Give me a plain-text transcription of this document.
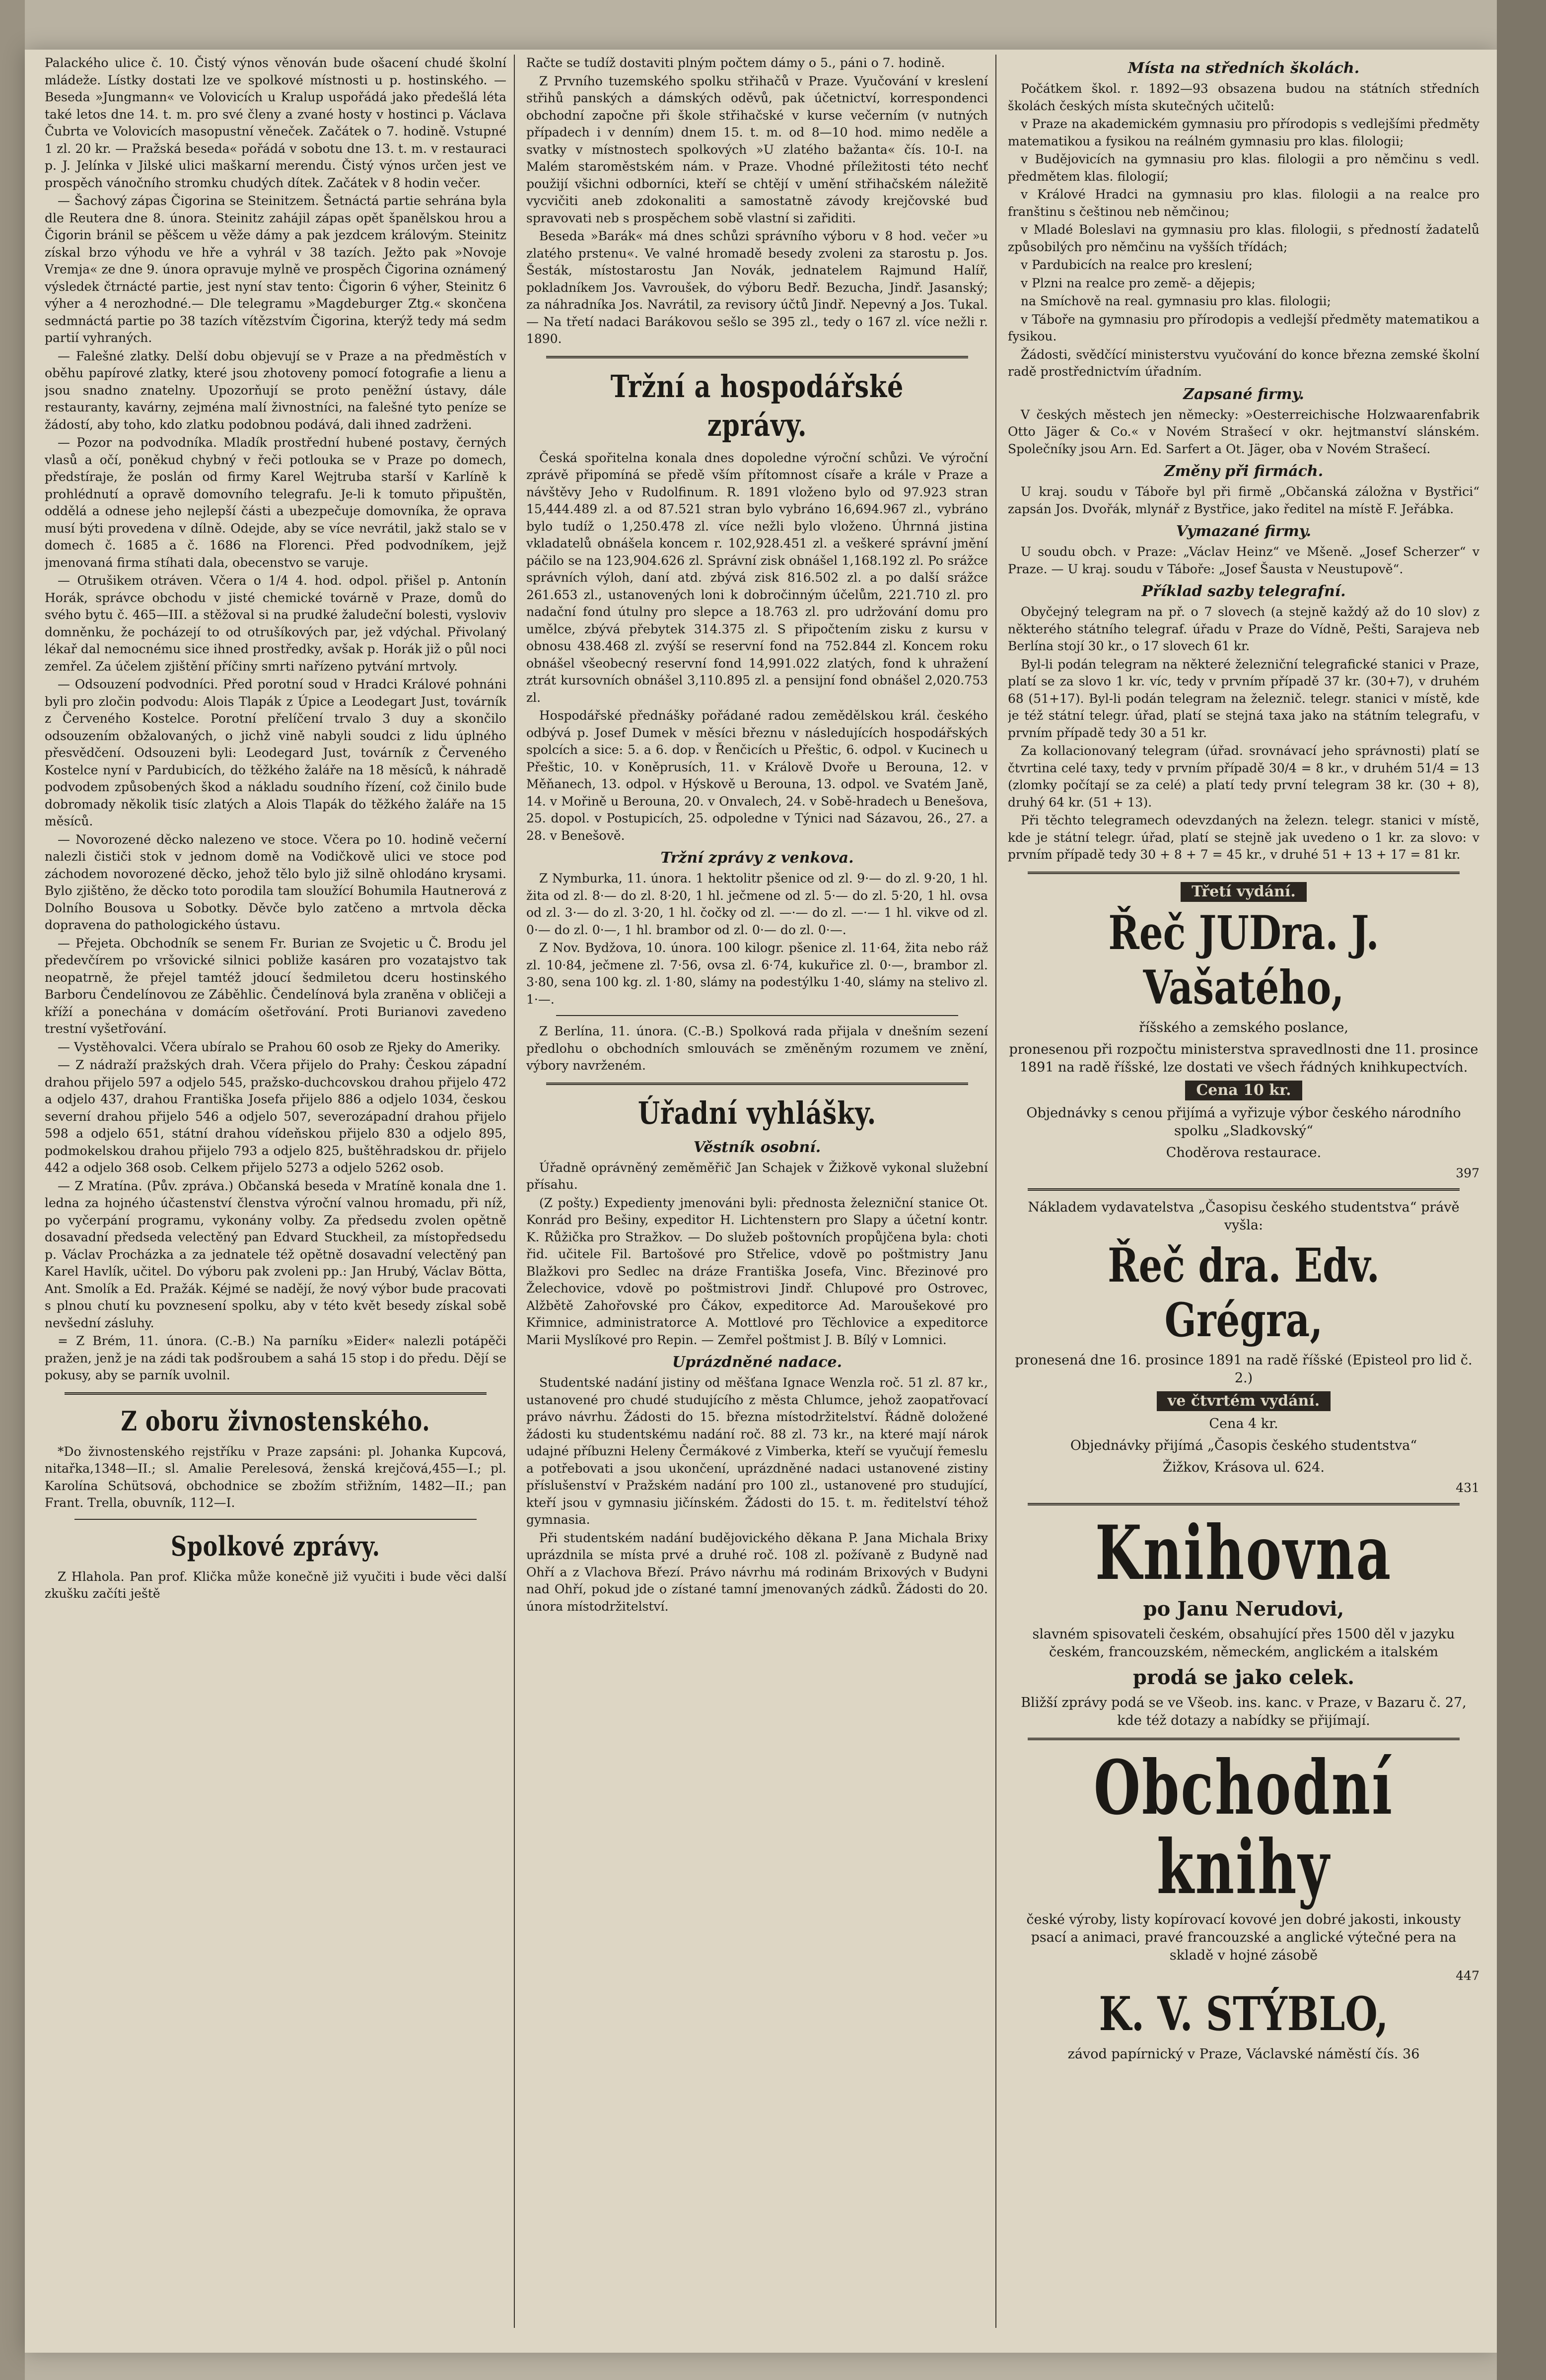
Palackého ulice č. 10. Čistý výnos věnován bude ošacení chudé školní mládeže. Lístky dostati lze ve spolkové místnosti u p. hostinského. — Beseda »Jungmann« ve Volovicích u Kralup uspořádá jako předešlá léta také letos dne 14. t. m. pro své členy a zvané hosty v hostinci p. Václava Čubrta ve Volovicích masopustní věneček. Začátek o 7. hodině. Vstupné 1 zl. 20 kr. — Pražská beseda« pořádá v sobotu dne 13. t. m. v restauraci p. J. Jelínka v Jilské ulici maškarní merendu. Čistý výnos určen jest ve prospěch vánočního stromku chudých dítek. Začátek v 8 hodin večer.

— Šachový zápas Čigorina se Steinitzem. Šetnáctá partie sehrána byla dle Reutera dne 8. února. Steinitz zahájil zápas opět španělskou hrou a Čigorin bránil se pěšcem u věže dámy a pak jezdcem královým. Steinitz získal brzo výhodu ve hře a vyhrál v 38 tazích. Ježto pak »Novoje Vremja« ze dne 9. února opravuje mylně ve prospěch Čigorina oznámený výsledek čtrnácté partie, jest nyní stav tento: Čigorin 6 výher, Steinitz 6 výher a 4 nerozhodné.— Dle telegramu »Magdeburger Ztg.« skončena sedmnáctá partie po 38 tazích vítězstvím Čigorina, kterýž tedy má sedm partií vyhraných.

— Falešné zlatky. Delší dobu objevují se v Praze a na předměstích v oběhu papírové zlatky, které jsou zhotoveny pomocí fotografie a lienu a jsou snadno znatelny. Upozorňují se proto peněžní ústavy, dále restauranty, kavárny, zejména malí živnostníci, na falešné tyto peníze se žádostí, aby toho, kdo zlatku podobnou podává, dali ihned zadrženi.

— Pozor na podvodníka. Mladík prostřední hubené postavy, černých vlasů a očí, poněkud chybný v řeči potloukа se v Praze po domech, předstíraje, že poslán od firmy Karel Wejtruba starší v Karlíně k prohlédnutí a opravě domovního telegrafu. Je-li k tomuto připuštěn, oddělá a odnese jeho nejlepší části a ubezpečuje domovníka, že oprava musí býti provedena v dílně. Odejde, aby se více nevrátil, jakž stalo se v domech č. 1685 a č. 1686 na Florenci. Před podvodníkem, jejž jmenovaná firma stíhati dala, obecenstvo se varuje.

— Otrušikem otráven. Včera o 1/4 4. hod. odpol. přišel p. Antonín Horák, správce obchodu v jisté chemické továrně v Praze, domů do svého bytu č. 465—III. a stěžoval si na prudké žaludeční bolesti, vysloviv domněnku, že pocházejí to od otrušíkových par, jež vdýchal. Přivolaný lékař dal nemocnému sice ihned prostředky, avšak p. Horák již o půl noci zemřel. Za účelem zjištění příčiny smrti nařízeno pytvání mrtvoly.

— Odsouzení podvodníci. Před porotní soud v Hradci Králové pohnáni byli pro zločin podvodu: Alois Tlapák z Úpice a Leodegart Just, továrník z Červeného Kostelce. Porotní přelíčení trvalo 3 duy a skončilo odsouzením obžalovaných, o jichž vině nabyli soudci z lidu úplného přesvědčení. Odsouzeni byli: Leodegard Just, továrník z Červeného Kostelce nyní v Pardubicích, do těžkého žaláře na 18 měsíců, k náhradě podvodem způsobených škod a nákladu soudního řízení, což činilo bude dobromady několik tisíc zlatých a Alois Tlapák do těžkého žaláře na 15 měsíců.

— Novorozené děcko nalezeno ve stoce. Včera po 10. hodině večerní nalezli čističi stok v jednom domě na Vodičkově ulici ve stoce pod záchodem novorozené děcko, jehož tělo bylo již silně ohlodáno krysami. Bylo zjištěno, že děcko toto porodila tam sloužící Bohumila Hautnerová z Dolního Bousova u Sobotky. Děvče bylo zatčeno a mrtvola děcka dopravena do pathologického ústavu.

— Přejeta. Obchodník se senem Fr. Burian ze Svojetic u Č. Brodu jel předevčírem po vršovické silnici pobliže kasáren pro vozatajstvo tak neopatrně, že přejel tamtéž jdoucí šedmiletou dceru hostinského Barboru Čendelínovou ze Záběhlic. Čendelínová byla zraněna v obličeji a kříží a ponechána v domácím ošetřování. Proti Burianovi zavedeno trestní vyšetřování.

— Vystěhovalci. Včera ubíralo se Prahou 60 osob ze Rjeky do Ameriky.

— Z nádraží pražských drah. Včera přijelo do Prahy: Českou západní drahou přijelo 597 a odjelo 545, pražsko-duchcovskou drahou přijelo 472 a odjelo 437, drahou Františka Josefa přijelo 886 a odjelo 1034, českou severní drahou přijelo 546 a odjelo 507, severozápadní drahou přijelo 598 a odjelo 651, státní drahou vídeňskou přijelo 830 a odjelo 895, podmokelskou drahou přijelo 793 a odjelo 825, buštěhradskou dr. přijelo 442 a odjelo 368 osob. Celkem přijelo 5273 a odjelo 5262 osob.

— Z Mratína. (Pův. zpráva.) Občanská beseda v Mratíně konala dne 1. ledna za hojného účastenství členstva výroční valnou hromadu, při níž, po vyčerpání programu, vykonány volby. Za předsedu zvolen opětně dosavadní předseda velectěný pan Edvard Stuckheil, za místopředsedu p. Václav Procházka a za jednatele též opětně dosavadní velectěný pan Karel Havlík, učitel. Do výboru pak zvoleni pp.: Jan Hrubý, Václav Bötta, Ant. Smolík a Ed. Pražák. Kéjmé se nadějí, že nový výbor bude pracovati s plnou chutí ku povznesení spolku, aby v této květ besedy získal sobě nevšední zásluhy.

= Z Brém, 11. února. (C.-B.) Na parníku »Eider« nalezli potápěči pražen, jenž je na zádi tak podšroubem a sahá 15 stop i do předu. Dějí se pokusy, aby se parník uvolnil.

Z oboru živnostenského.

*Do živnostenského rejstříku v Praze zapsáni: pl. Johanka Kupcová, nitařka,1348—II.; sl. Amalie Perelesová, ženská krejčová,455—I.; pl. Karolína Schütsová, obchodnice se zbožím střižním, 1482—II.; pan Frant. Trella, obuvník, 112—I.

Spolkové zprávy.

Z Hlahola. Pan prof. Klička může konečně již vyučiti i bude věci další zkušku začíti ještě

Račte se tudíž dostaviti plným počtem dámy o 5., páni o 7. hodině.

Z Prvního tuzemského spolku střihačů v Praze. Vyučování v kreslení střihů panských a dámských oděvů, pak účetnictví, korrespondenci obchodní započne při škole střihačské v kurse večerním (v nutných případech i v denním) dnem 15. t. m. od 8—10 hod. mimo neděle a svatky v místnostech spolkových »U zlatého bažanta« čís. 10-I. na Malém staroměstském nám. v Praze. Vhodné příležitosti této nechť použijí všichni odborníci, kteří se chtějí v umění střihačském náležitě vycvičiti aneb zdokonaliti a samostatně závody krejčovské buď spravovati neb s prospěchem sobě vlastní si zařiditi.

Beseda »Barák« má dnes schůzi správního výboru v 8 hod. večer »u zlatého prstenu«. Ve valné hromadě besedy zvoleni za starostu p. Jos. Šesták, místostarostu Jan Novák, jednatelem Rajmund Halíř, pokladníkem Jos. Vavroušek, do výboru Bedř. Bezucha, Jindř. Jasanský; za náhradníka Jos. Navrátil, za revisory účtů Jindř. Nepevný a Jos. Tukal. — Na třetí nadaci Barákovou sešlo se 395 zl., tedy o 167 zl. více nežli r. 1890.

Tržní a hospodářské zprávy.

Česká spořitelna konala dnes dopoledne výroční schůzi. Ve výroční zprávě připomíná se předě vším přítomnost císaře a krále v Praze a návštěvy Jeho v Rudolfinum. R. 1891 vloženo bylo od 97.923 stran 15,444.489 zl. a od 87.521 stran bylo vybráno 16,694.967 zl., vybráno bylo tudíž o 1,250.478 zl. více nežli bylo vloženo. Úhrnná jistina vkladatelů obnášela koncem r. 102,928.451 zl. a veškeré správní jmění páčilo se na 123,904.626 zl. Správní zisk obnášel 1,168.192 zl. Po srážce správních výloh, daní atd. zbývá zisk 816.502 zl. a po další srážce 261.653 zl., ustanovených loni k dobročinným účelům, 221.710 zl. pro nadační fond útulny pro slepce a 18.763 zl. pro udržování domu pro umělce, zbývá přebytek 314.375 zl. S připočtením zisku z kursu v obnosu 438.468 zl. zvýší se reservní fond na 752.844 zl. Koncem roku obnášel všeobecný reservní fond 14,991.022 zlatých, fond k uhražení ztrát kursovních obnášel 3,110.895 zl. a pensijní fond obnášel 2,020.753 zl.

Hospodářské přednášky pořádané radou zemědělskou král. českého odbývá p. Josef Dumek v měsíci březnu v následujících hospodářských spolcích a sice: 5. a 6. dop. v Řenčicích u Přeštic, 6. odpol. v Kucinech u Přeštic, 10. v Koněprusích, 11. v Králově Dvoře u Berouna, 12. v Měňanech, 13. odpol. v Hýskově u Berouna, 13. odpol. ve Svatém Janě, 14. v Mořině u Berouna, 20. v Onvalech, 24. v Sobě-hradech u Benešova, 25. dopol. v Postupicích, 25. odpoledne v Týnici nad Sázavou, 26., 27. a 28. v Benešově.

Tržní zprávy z venkova.

Z Nymburka, 11. února. 1 hektolitr pšenice od zl. 9·— do zl. 9·20, 1 hl. žita od zl. 8·— do zl. 8·20, 1 hl. ječmene od zl. 5·— do zl. 5·20, 1 hl. ovsa od zl. 3·— do zl. 3·20, 1 hl. čočky od zl. —·— do zl. —·— 1 hl. vikve od zl. 0·— do zl. 0·—, 1 hl. brambor od zl. 0·— do zl. 0·—.

Z Nov. Bydžova, 10. února. 100 kilogr. pšenice zl. 11·64, žita nebo ráž zl. 10·84, ječmene zl. 7·56, ovsa zl. 6·74, kukuřice zl. 0·—, brambor zl. 3·80, sena 100 kg. zl. 1·80, slámy na podestýlku 1·40, slámy na stelivo zl. 1·—.

Z Berlína, 11. února. (C.-B.) Spolková rada přijala v dnešním sezení předlohu o obchodních smlouvách se změněným rozumem ve znění, výbory navrženém.

Úřadní vyhlášky.
Věstník osobní.

Úřadně oprávněný zeměměřič Jan Schajek v Žižkově vykonal služební přísahu.

(Z pošty.) Expedienty jmenováni byli: přednosta železniční stanice Ot. Konrád pro Bešiny, expeditor H. Lichtenstern pro Slapy a účetní kontr. K. Růžička pro Stražkov. — Do služeb poštovních propůjčena byla: choti řid. učitele Fil. Bartošové pro Střelice, vdově po poštmistrу Janu Blažkovi pro Sedlec na dráze Františka Josefa, Vinc. Březinové pro Želechovice, vdově po poštmistrovi Jindř. Chlupové pro Ostrovec, Alžbětě Zahořovské pro Čákov, expeditorce Ad. Maroušekové pro Křimnice, administratorce A. Mottlové pro Těchlovice a expeditorce Marii Myslíkové pro Repin. — Zemřel poštmist J. B. Bílý v Lomnici.

Uprázdněné nadace.

Studentské nadání jistiny od měšťana Ignace Wenzla roč. 51 zl. 87 kr., ustanovené pro chudé studujícího z města Chlumce, jehož zaopatřovací právo návrhu. Žádosti do 15. března místodržitelství. Řádně doložené žádosti ku studentskému nadání roč. 88 zl. 73 kr., na které mají nárok udajné příbuzni Heleny Čermákové z Vimberka, kteří se vyučují řemeslu a potřebovati a jsou ukončení, uprázdněné nadaci ustanovené zistiny příslušenství v Pražském nadání pro 100 zl., ustanovené pro studující, kteří jsou v gymnasiu jičínském. Žádosti do 15. t. m. ředitelství téhož gymnasia.

Při studentském nadání budějovického děkana P. Jana Michala Brixy uprázdnila se místa prvé a druhé roč. 108 zl. požívaně z Budyně nad Ohří a z Vlachova Březí. Právo návrhu má rodinám Brixových v Budyni nad Ohří, pokud jde o zístané tamní jmenovaných zádků. Žádosti do 20. února místodržitelství.

Místa na středních školách.

Počátkem škol. r. 1892—93 obsazena budou na státních středních školách českých místa skutečných učitelů:

v Praze na akademickém gymnasiu pro přírodopis s vedlejšími předměty matematikou a fysikou na reálném gymnasiu pro klas. filologii;

v Budějovicích na gymnasiu pro klas. filologii a pro němčinu s vedl. předmětem klas. filologií;

v Králové Hradci na gymnasiu pro klas. filologii a na realce pro franštinu s češtinou neb němčinou;

v Mladé Boleslavi na gymnasiu pro klas. filologii, s předností žadatelů způsobilých pro němčinu na vyšších třídách;

v Pardubicích na realce pro kreslení;

v Plzni na realce pro země- a dějepis;

na Smíchově na real. gymnasiu pro klas. filologii;

v Táboře na gymnasiu pro přírodopis a vedlejší předměty matematikou a fysikou.

Žádosti, svědčící ministerstvu vyučování do konce března zemské školní radě prostřednictvím úřadním.

Zapsané firmy.

V českých městech jen německy: »Oesterreichische Holzwaarenfabrik Otto Jäger & Co.« v Novém Strašecí v okr. hejtmanství slánském. Společníky jsou Arn. Ed. Sarfert a Ot. Jäger, oba v Novém Strašecí.

Změny při firmách.

U kraj. soudu v Táboře byl při firmě „Občanská záložna v Bystřici“ zapsán Jos. Dvořák, mlynář z Bystřice, jako ředitel na místě F. Jeřábka.

Vymazané firmy.

U soudu obch. v Praze: „Václav Heinz“ ve Mšeně. „Josef Scherzer“ v Praze. — U kraj. soudu v Táboře: „Josef Šausta v Neustupově“.

Příklad sazby telegrafní.

Obyčejný telegram na př. o 7 slovech (a stejně každý až do 10 slov) z některého státního telegraf. úřadu v Praze do Vídně, Pešti, Sarajeva neb Berlína stojí 30 kr., o 17 slovech 61 kr.

Byl-li podán telegram na některé železniční telegrafické stanici v Praze, platí se za slovo 1 kr. víc, tedy v prvním případě 37 kr. (30+7), v druhém 68 (51+17). Byl-li podán telegram na železnič. telegr. stanici v místě, kde je též státní telegr. úřad, platí se stejná taxa jako na státním telegrafu, v prvním případě tedy 30 a 51 kr.

Za kollacionovaný telegram (úřad. srovnávací jeho správnosti) platí se čtvrtina celé taxy, tedy v prvním případě 30/4 = 8 kr., v druhém 51/4 = 13 (zlomky počítají se za celé) a platí tedy první telegram 38 kr. (30 + 8), druhý 64 kr. (51 + 13).

Při těchto telegramech odevzdaných na železn. telegr. stanici v místě, kde je státní telegr. úřad, platí se stejně jak uvedeno o 1 kr. za slovo: v prvním případě tedy 30 + 8 + 7 = 45 kr., v druhé 51 + 13 + 17 = 81 kr.

Třetí vydání.
Řeč JUDra. J. Vašatého,
říšského a zemského poslance,
pronesenou při rozpočtu ministerstva spravedlnosti dne 11. prosince 1891 na radě říšské, lze dostati ve všech řádných knihkupectvích.
Cena 10 kr.
Objednávky s cenou přijímá a vyřizuje výbor českého národního spolku „Sladkovský“
Choděrova restaurace.
397
Nákladem vydavatelstva „Časopisu českého studentstva“ právě vyšla:
Řeč dra. Edv. Grégra,
pronesená dne 16. prosince 1891 na radě říšské (Episteol pro lid č. 2.)
ve čtvrtém vydání.
Cena 4 kr.
Objednávky přijímá „Časopis českého studentstva“
Žižkov, Krásova ul. 624.
431
Knihovna
po Janu Nerudovi,
slavném spisovateli českém, obsahující přes 1500 děl v jazyku českém, francouzském, německém, anglickém a italském
prodá se jako celek.
Bližší zprávy podá se ve Všeob. ins. kanc. v Praze, v Bazaru č. 27, kde též dotazy a nabídky se přijímají.
Obchodní knihy
české výroby, listy kopírovací kovové jen dobré jakosti, inkousty psací a animaci, pravé francouzské a anglické výtečné pera na skladě v hojné zásobě
447
K. V. STÝBLO,
závod papírnický v Praze, Václavské náměstí čís. 36
